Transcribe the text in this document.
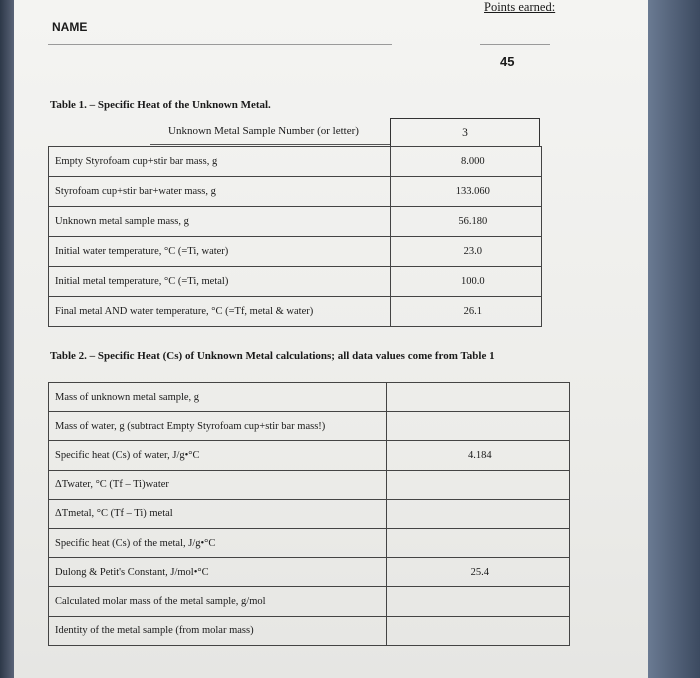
Points earned:
NAME
45
Table 1. – Specific Heat of the Unknown Metal.
Unknown Metal Sample Number (or letter)	3
Empty Styrofoam cup+stir bar mass, g	8.000
Styrofoam cup+stir bar+water mass, g	133.060
Unknown metal sample mass, g	56.180
Initial water temperature, °C (=Ti, water)	23.0
Initial metal temperature, °C (=Ti, metal)	100.0
Final metal AND water temperature, °C (=Tf, metal & water)	26.1
Table 2. – Specific Heat (Cs) of Unknown Metal calculations; all data values come from Table 1
Mass of unknown metal sample, g	
Mass of water, g (subtract Empty Styrofoam cup+stir bar mass!)	
Specific heat (Cs) of water, J/g•°C	4.184
ΔTwater, °C (Tf – Ti)water	
ΔTmetal, °C (Tf – Ti) metal	
Specific heat (Cs) of the metal, J/g•°C	
Dulong & Petit's Constant, J/mol•°C	25.4
Calculated molar mass of the metal sample, g/mol	
Identity of the metal sample (from molar mass)	
